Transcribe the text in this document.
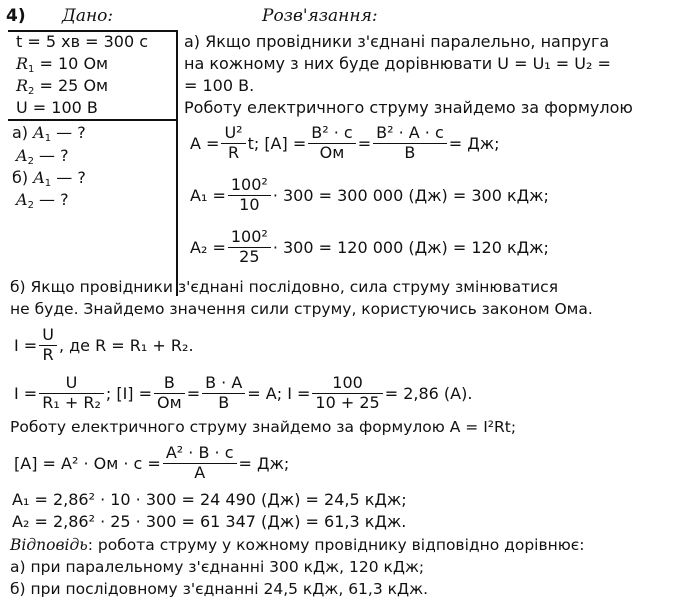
4) Дано:	Розв'язання:
t = 5 хв = 300 с
$R_1 = 10$ Ом
$R_2 = 25$ Ом
U = 100 В
а) $A_1$ — ?
$A_2$ — ?
б) $A_1$ — ?
$A_2$ — ?
а) Якщо провідники з'єднані паралельно, напруга
на кожному з них буде дорівнювати U = U₁ = U₂ =
= 100 В.
Роботу електричного струму знайдемо за формулою
$A = \frac{\text{U²}}{R} t$; $[A] = \frac{\text{В² · с}}{Ом} = \frac{\text{В² · А · с}}{В}$ = Дж;
$A_1 = \frac{\text{100²}}{10} \cdot 300 = 300$ 000 (Дж) = 300 кДж;
$A_2 = \frac{\text{100²}}{25} \cdot 300 = 120$ 000 (Дж) = 120 кДж;
б) Якщо провідники з'єднані послідовно, сила струму змінюватися
не буде. Знайдемо значення сили струму, користуючись законом Ома.
$I = \frac{U}{R}$ , де R = R₁ + R₂.
$I = \frac{U}{\text{R₁ + R₂}}$ ; $[I] = \frac{В}{Ом} = \frac{В \cdot А}{В} = А$; $I = \frac{100}{10 + 25} = 2,86$ (А).
Роботу електричного струму знайдемо за формулою A = I²Rt;
[A] = А² · Ом · $с = \frac{\text{А² · В · с}}{А}$ = Дж;
A₁ = 2,86² · 10 · 300 = 24 490 (Дж) = 24,5 кДж;
A₂ = 2,86² · 25 · 300 = 61 347 (Дж) = 61,3 кДж.
Відповідь: робота струму у кожному провіднику відповідно дорівнює:
а) при паралельному з'єднанні 300 кДж, 120 кДж;
б) при послідовному з'єднанні 24,5 кДж, 61,3 кДж.
